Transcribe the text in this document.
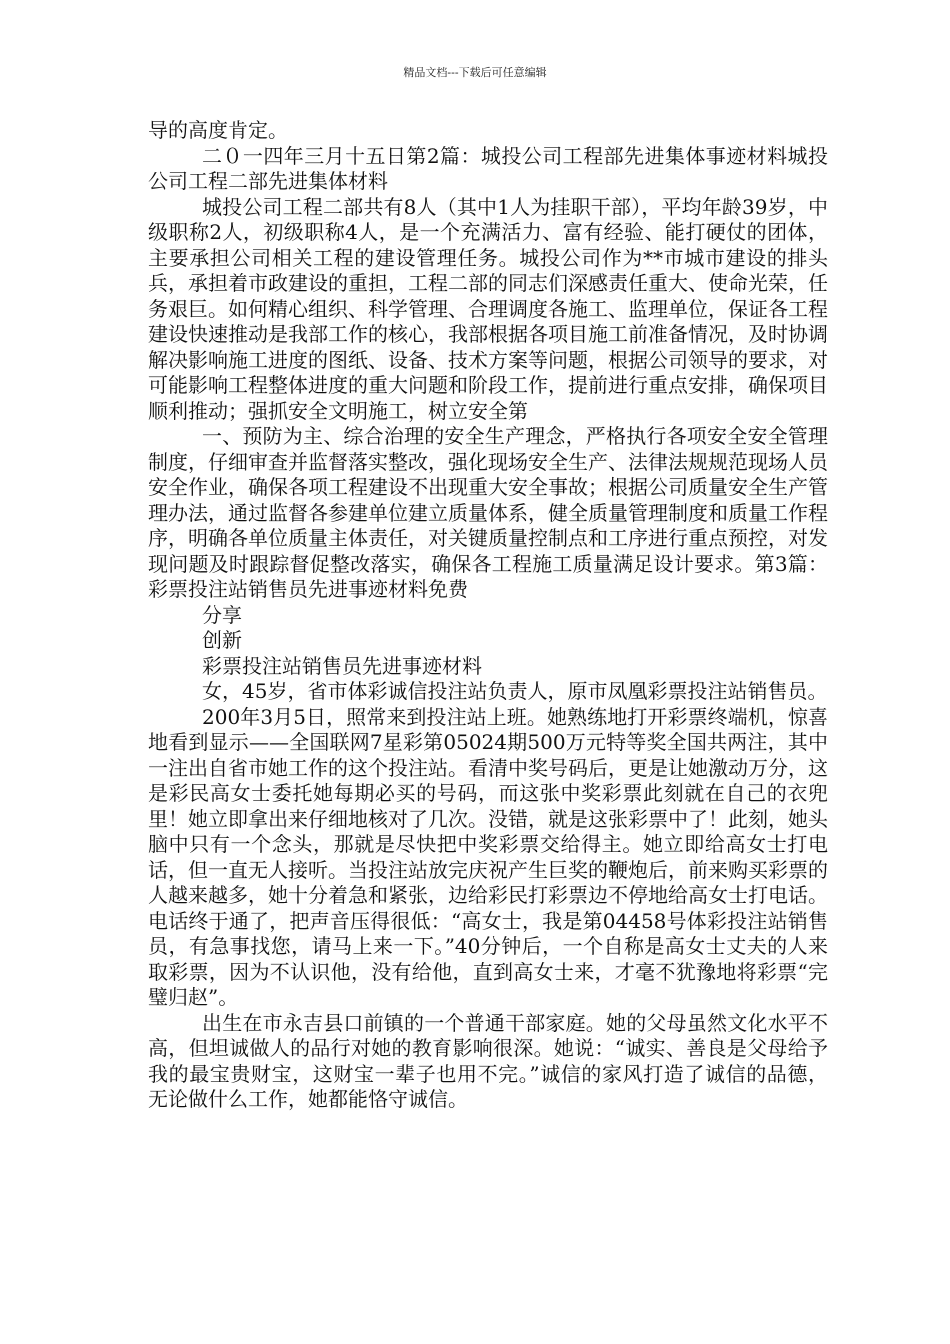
精品文档---下载后可任意编辑

导的高度肯定。

二０一四年三月十五日第2篇：城投公司工程部先进集体事迹材料城投公司工程二部先进集体材料

城投公司工程二部共有8人（其中1人为挂职干部），平均年龄39岁，中级职称2人，初级职称4人，是一个充满活力、富有经验、能打硬仗的团体，主要承担公司相关工程的建设管理任务。城投公司作为**市城市建设的排头兵，承担着市政建设的重担，工程二部的同志们深感责任重大、使命光荣，任务艰巨。如何精心组织、科学管理、合理调度各施工、监理单位，保证各工程建设快速推动是我部工作的核心，我部根据各项目施工前准备情况，及时协调解决影响施工进度的图纸、设备、技术方案等问题，根据公司领导的要求，对可能影响工程整体进度的重大问题和阶段工作，提前进行重点安排，确保项目顺利推动；强抓安全文明施工，树立安全第

一、预防为主、综合治理的安全生产理念，严格执行各项安全安全管理制度，仔细审查并监督落实整改，强化现场安全生产、法律法规规范现场人员安全作业，确保各项工程建设不出现重大安全事故；根据公司质量安全生产管理办法，通过监督各参建单位建立质量体系，健全质量管理制度和质量工作程序，明确各单位质量主体责任，对关键质量控制点和工序进行重点预控，对发现问题及时跟踪督促整改落实，确保各工程施工质量满足设计要求。第3篇：彩票投注站销售员先进事迹材料免费

分享

创新

彩票投注站销售员先进事迹材料

女，45岁，省市体彩诚信投注站负责人，原市凤凰彩票投注站销售员。

200年3月5日，照常来到投注站上班。她熟练地打开彩票终端机，惊喜地看到显示——全国联网7星彩第05024期500万元特等奖全国共两注，其中一注出自省市她工作的这个投注站。看清中奖号码后，更是让她激动万分，这是彩民高女士委托她每期必买的号码，而这张中奖彩票此刻就在自己的衣兜里！她立即拿出来仔细地核对了几次。没错，就是这张彩票中了！此刻，她头脑中只有一个念头，那就是尽快把中奖彩票交给得主。她立即给高女士打电话，但一直无人接听。当投注站放完庆祝产生巨奖的鞭炮后，前来购买彩票的人越来越多，她十分着急和紧张，边给彩民打彩票边不停地给高女士打电话。电话终于通了，把声音压得很低：“高女士，我是第04458号体彩投注站销售员，有急事找您，请马上来一下。”40分钟后，一个自称是高女士丈夫的人来取彩票，因为不认识他，没有给他，直到高女士来，才毫不犹豫地将彩票“完璧归赵”。

出生在市永吉县口前镇的一个普通干部家庭。她的父母虽然文化水平不高，但坦诚做人的品行对她的教育影响很深。她说：“诚实、善良是父母给予我的最宝贵财宝，这财宝一辈子也用不完。”诚信的家风打造了诚信的品德，无论做什么工作，她都能恪守诚信。
